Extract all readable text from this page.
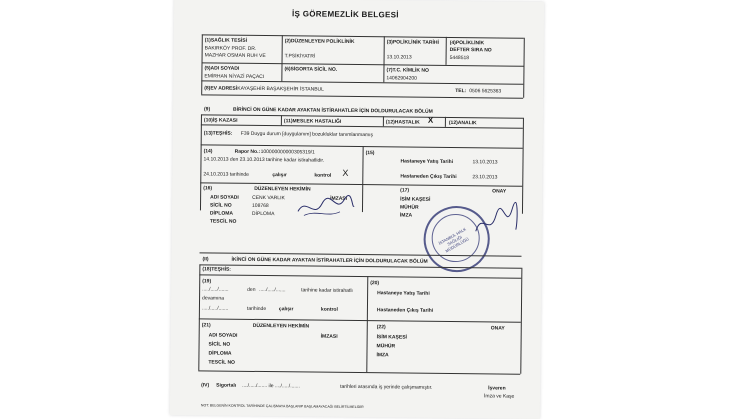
İŞ GÖREMEZLİK BELGESİ
(1)SAĞLIK TESİSİ
BAKIRKÖY PROF. DR.
MAZHAR OSMAN RUH VE
(2)DÜZENLEYEN POLİKLİNİK
T.PSİKİYATRİ
(3)POLİKLİNİK TARİHİ
13.10.2013
(4)POLİKLİNİK
DEFTER SIRA NO
5448518
(5)ADI SOYADI
EMİRHAN NİYAZİ PAÇACI
(6)SİGORTA SİCİL NO.	(7)T.C. KİMLİK NO
14062904200
(8)EV ADRESİ KAYAŞEHİR BAŞAKŞEHİR İSTANBUL	TEL: 0506 5625363
(9)	BİRİNCİ ON GÜNE KADAR AYAKTAN İSTİRAHATLER İÇİN DOLDURULACAK BÖLÜM
(10)İŞ KAZASI	(11)MESLEK HASTALIĞI	(12)HASTALIK X	(12)ANALIK
(13)TEŞHİS: F39 Duygu durum [duygulanım] bozukluklar tanımlanmamış
(14)	Rapor No.: 100000000000305319/1
14.10.2013 den 23.10.2013 tarihine kadar istirahatlidir.
24.10.2013 tarihinde	çalışır	kontrol X
(15)
Hastaneye Yatış Tarihi	13.10.2013
Hastaneden Çıkış Tarihi	23.10.2013
(16)	DÜZENLEYEN HEKİMİN
ADI SOYADI	CENK VARLIK	İMZASI
SİCİL NO	108768
DİPLOMA	DİPLOMA
TESCİL NO
(17)	ONAY
İSİM KAŞESİ
MÜHÜR
İMZA
İSTANBUL HALK SAĞLIĞI MÜDÜRLÜĞÜ
(II)	İKİNCİ ON GÜNE KADAR AYAKTAN İSTİRAHATLER İÇİN DOLDURULACAK BÖLÜM
(18)TEŞHİS:
(19)
...../...../.......	den ...../...../.......	tarihine kadar istirahatlı
devamına
...../...../.......	tarihinde	çalışır	kontrol
(20)
Hastaneye Yatış Tarihi
Hastaneden Çıkış Tarihi
(21)	DÜZENLEYEN HEKİMİN	(22)	ONAY
ADI SOYADI	İMZASI
SİCİL NO
DİPLOMA
TESCİL NO
İSİM KAŞESİ
MÜHÜR
İMZA
(IV) Sigortalı ..../...../....... ile ..../...../.......	tarihleri arasında iş yerinde çalışmamıştır.	İşveren
İmza ve Kaşe
NOT: BELGENİN KONTROL TARİHİNDE ÇALIŞMAYA BAŞLANIP BAŞLAMAYACAĞI BELİRTİLMELİDİR
